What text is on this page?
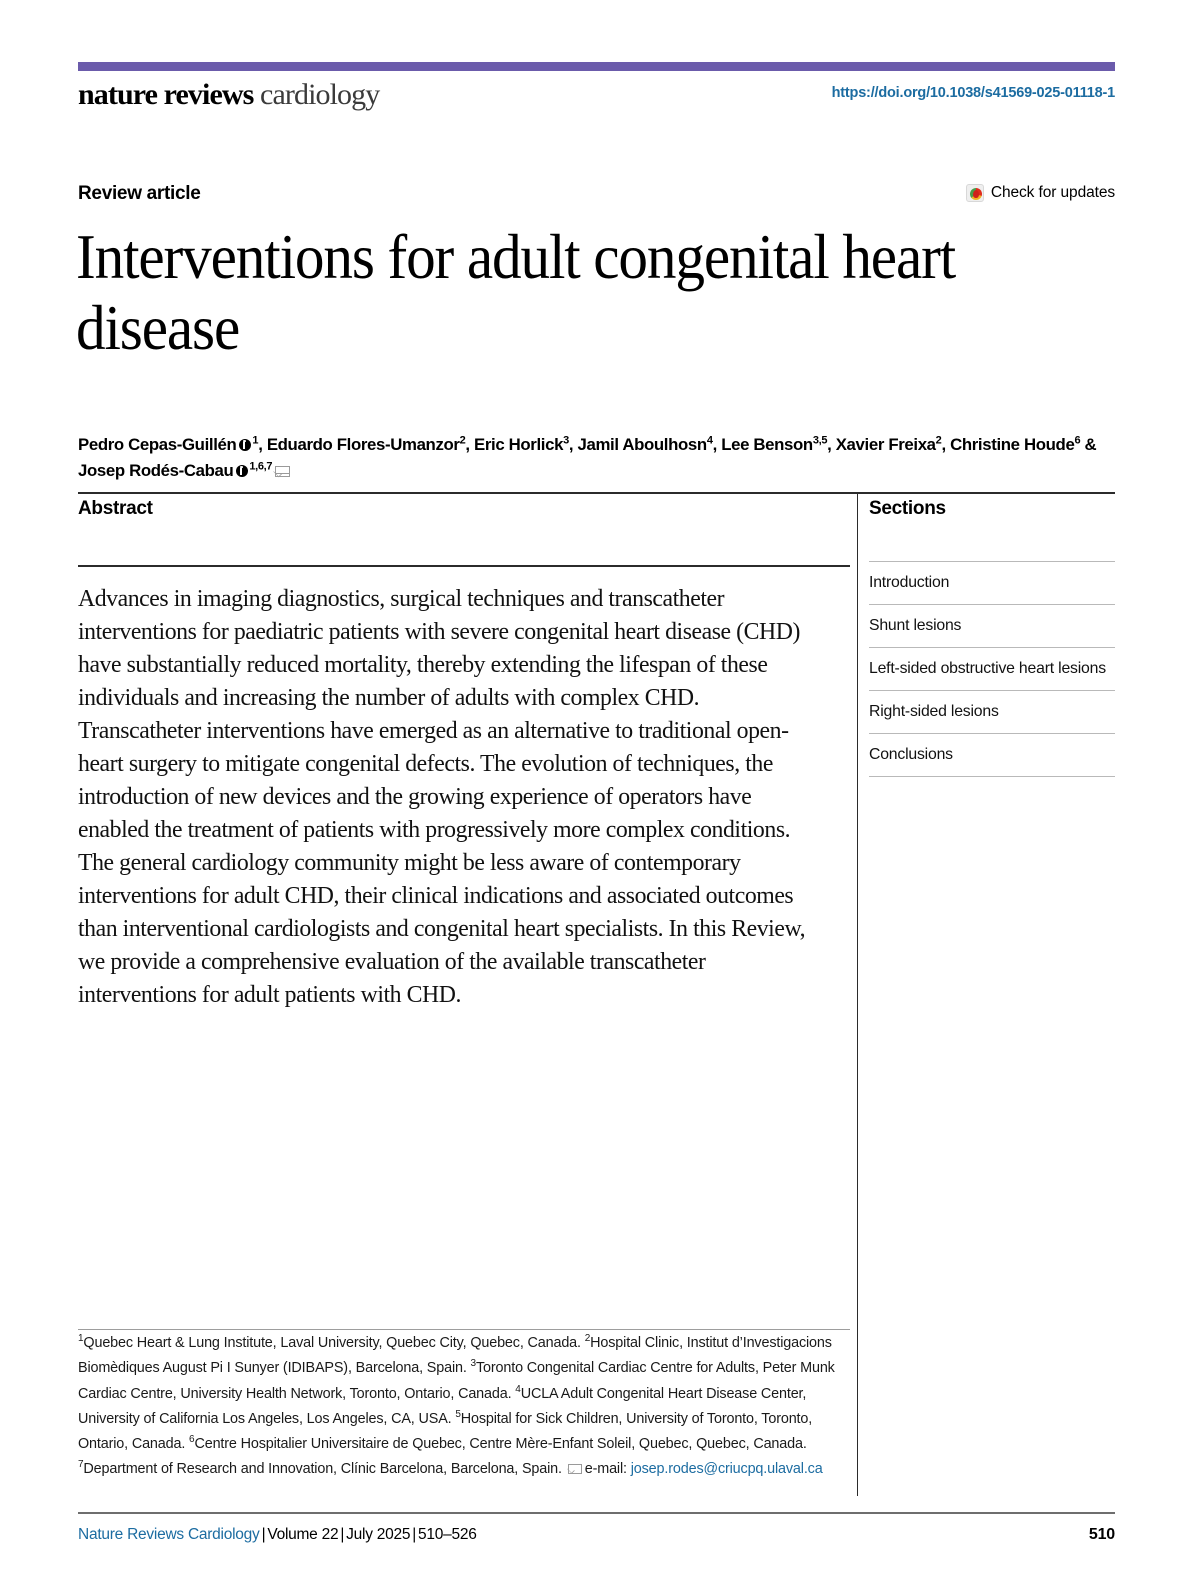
nature reviews cardiology	https://doi.org/10.1038/s41569-025-01118-1
Review article	Check for updates
Interventions for adult congenital heart disease
Pedro Cepas-Guillén $^1$, Eduardo Flores-Umanzor$^2$, Eric Horlick$^3$, Jamil Aboulhosn$^4$, Lee Benson$^{3,5}$, Xavier Freixa$^2$, Christine Houde$^6$ & Josep Rodés-Cabau $^{1,6,7}$
Abstract

Advances in imaging diagnostics, surgical techniques and transcatheter interventions for paediatric patients with severe congenital heart disease (CHD) have substantially reduced mortality, thereby extending the lifespan of these individuals and increasing the number of adults with complex CHD. Transcatheter interventions have emerged as an alternative to traditional open-heart surgery to mitigate congenital defects. The evolution of techniques, the introduction of new devices and the growing experience of operators have enabled the treatment of patients with progressively more complex conditions. The general cardiology community might be less aware of contemporary interventions for adult CHD, their clinical indications and associated outcomes than interventional cardiologists and congenital heart specialists. In this Review, we provide a comprehensive evaluation of the available transcatheter interventions for adult patients with CHD.

Sections
Introduction
Shunt lesions
Left-sided obstructive heart lesions
Right-sided lesions
Conclusions
$^1$Quebec Heart & Lung Institute, Laval University, Quebec City, Quebec, Canada. $^2$Hospital Clinic, Institut d’Investigacions Biomèdiques August Pi I Sunyer (IDIBAPS), Barcelona, Spain. $^3$Toronto Congenital Cardiac Centre for Adults, Peter Munk Cardiac Centre, University Health Network, Toronto, Ontario, Canada. $^4$UCLA Adult Congenital Heart Disease Center, University of California Los Angeles, Los Angeles, CA, USA. $^5$Hospital for Sick Children, University of Toronto, Toronto, Ontario, Canada. $^6$Centre Hospitalier Universitaire de Quebec, Centre Mère-Enfant Soleil, Quebec, Quebec, Canada. $^7$Department of Research and Innovation, Clínic Barcelona, Barcelona, Spain. e-mail: josep.rodes@criucpq.ulaval.ca
Nature Reviews Cardiology | Volume 22 | July 2025 | 510–526	510
